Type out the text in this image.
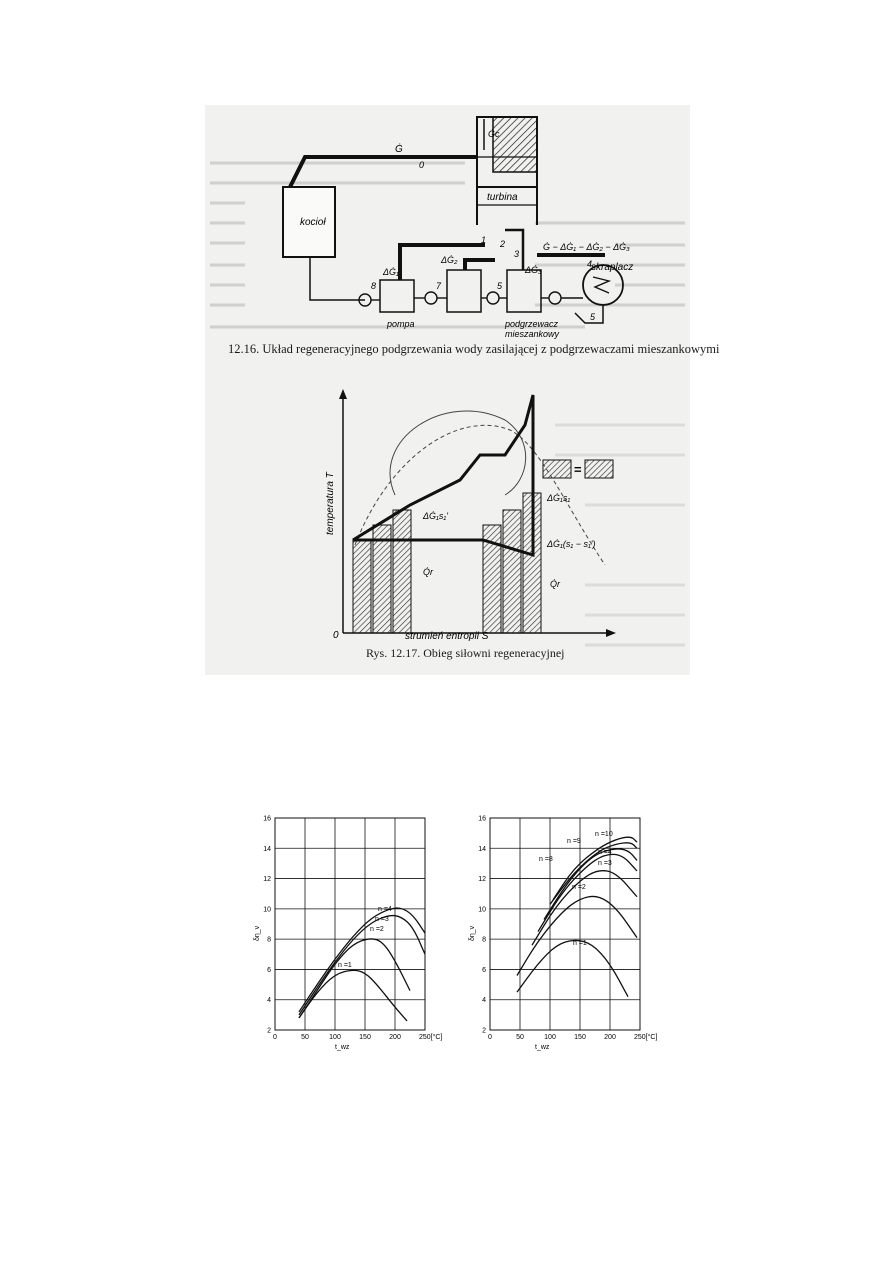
kocioł
turbina
skraplacz
pompa	podgrzewacz
mieszankowy
Ġ
Ġc
Ġ − ΔĠ₁ − ΔĠ₂ − ΔĠ₃
ΔĠ₁
ΔĠ₂
ΔĠ₃
0
1 2
3
4
5
5
7
8
12.16. Układ regeneracyjnego podgrzewania wody zasilającej z podgrzewaczami mieszankowymi
=
temperatura T
strumień entropii S
0
ΔĠ₁s₁'
ΔĠ₁s₁
ΔĠ₁(s₁ − s₁')
Q̇r
Q̇r
Rys. 12.17. Obieg siłowni regeneracyjnej
2
4
6
8
10
12
14
16
0	50	100	150	200	250[°C]
δη_v
t_wz
n =4
n =3
n =2
n =1
2
4
6
8
10
12
14
16
0	50	100	150	200	250[°C]
δη_v
t_wz
n =10
n =9
n =8
n =4
n =3
n =2
n =1
